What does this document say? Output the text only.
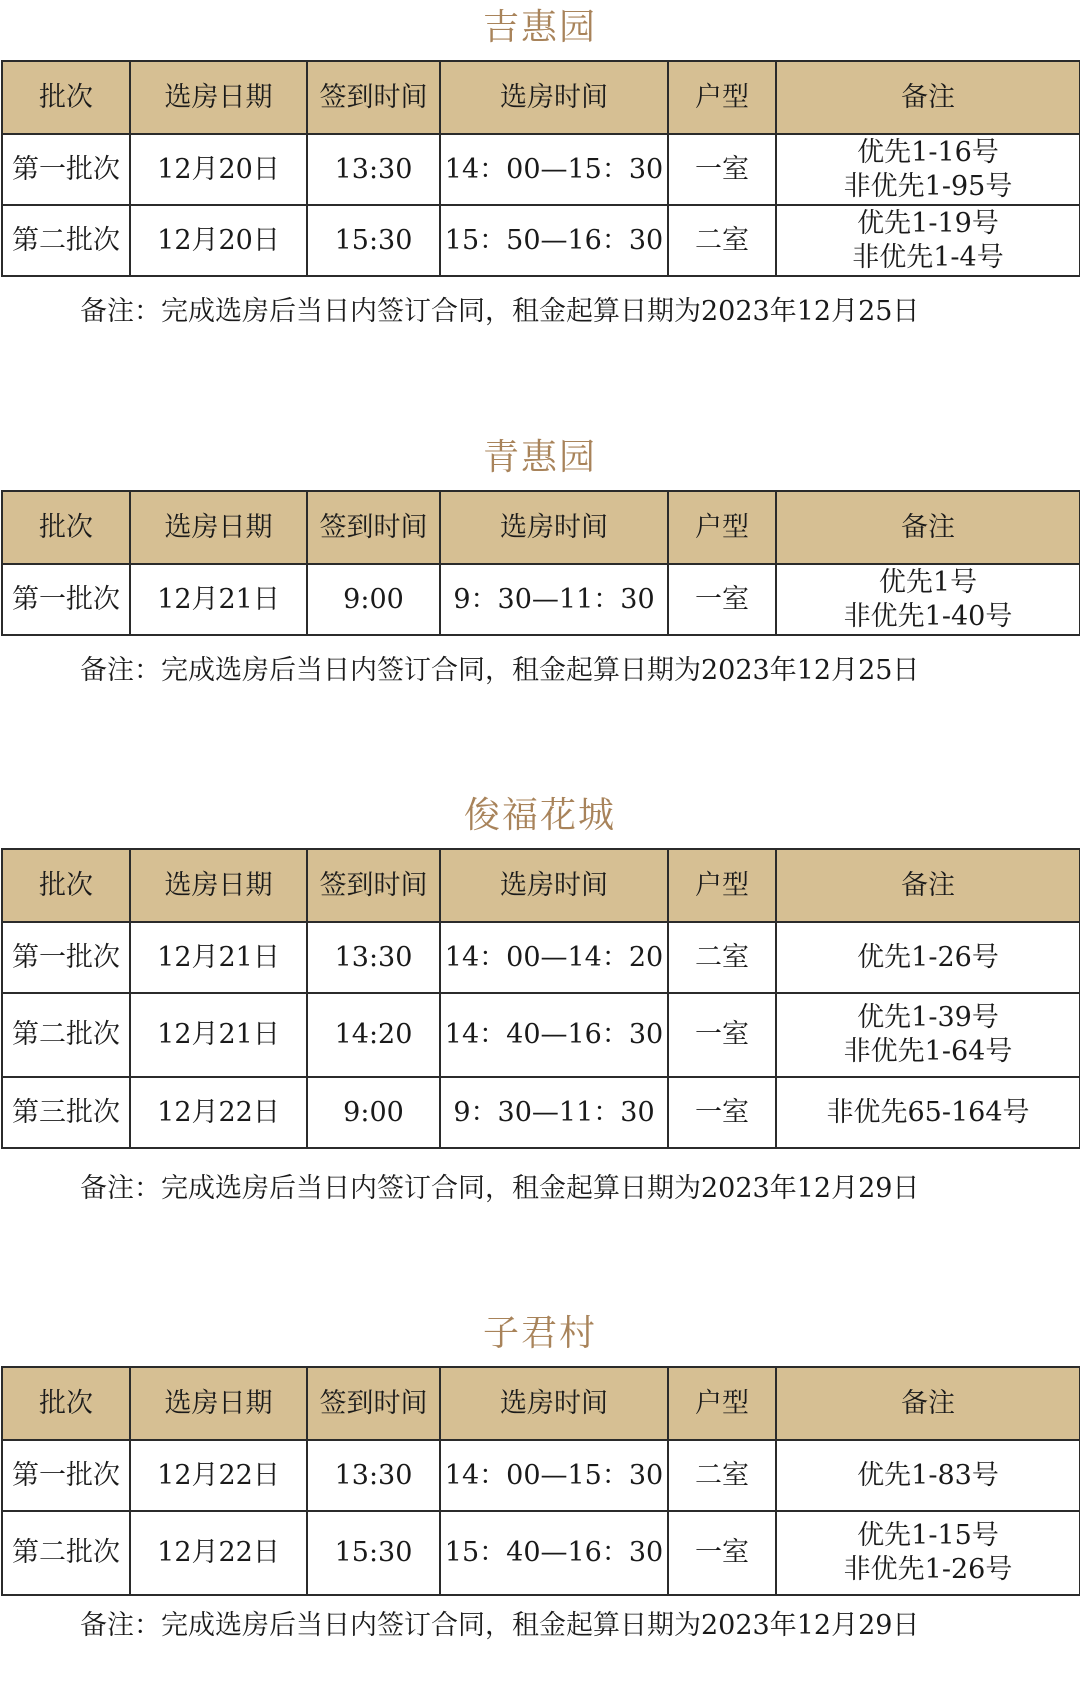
吉惠园
批次	选房日期	签到时间	选房时间	户型	备注
第一批次	12月20日	13:30	14：00—15：30	一室	优先1-16号
非优先1-95号

第二批次	12月20日	15:30	15：50—16：30	二室	优先1-19号
非优先1-4号
备注：完成选房后当日内签订合同，租金起算日期为2023年12月25日
青惠园
批次	选房日期	签到时间	选房时间	户型	备注
第一批次	12月21日	9:00	9：30—11：30	一室	优先1号
非优先1-40号
备注：完成选房后当日内签订合同，租金起算日期为2023年12月25日
俊福花城
批次	选房日期	签到时间	选房时间	户型	备注
第一批次	12月21日	13:30	14：00—14：20	二室	优先1-26号
第二批次	12月21日	14:20	14：40—16：30	一室	优先1-39号
非优先1-64号

第三批次	12月22日	9:00	9：30—11：30	一室	非优先65-164号
备注：完成选房后当日内签订合同，租金起算日期为2023年12月29日
子君村
批次	选房日期	签到时间	选房时间	户型	备注
第一批次	12月22日	13:30	14：00—15：30	二室	优先1-83号
第二批次	12月22日	15:30	15：40—16：30	一室	优先1-15号
非优先1-26号
备注：完成选房后当日内签订合同，租金起算日期为2023年12月29日
